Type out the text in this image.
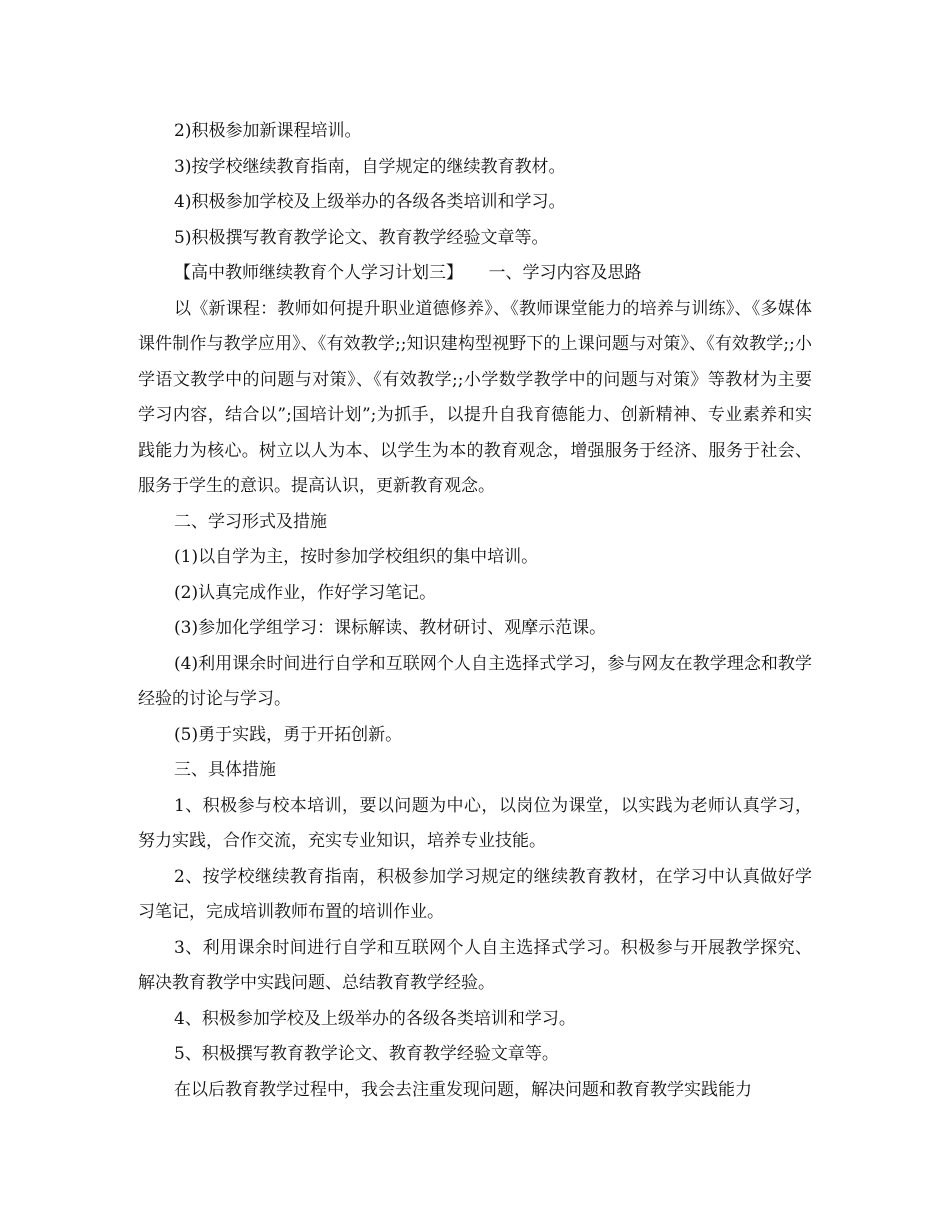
2)积极参加新课程培训。

3)按学校继续教育指南，自学规定的继续教育教材。

4)积极参加学校及上级举办的各级各类培训和学习。

5)积极撰写教育教学论文、教育教学经验文章等。

【高中教师继续教育个人学习计划三】　　一、学习内容及思路

以《新课程：教师如何提升职业道德修养》、《教师课堂能力的培养与训练》、《多媒体课件制作与教学应用》、《有效教学;;知识建构型视野下的上课问题与对策》、《有效教学;;小学语文教学中的问题与对策》、《有效教学;;小学数学教学中的问题与对策》等教材为主要学习内容，结合以”;国培计划”;为抓手，以提升自我育德能力、创新精神、专业素养和实践能力为核心。树立以人为本、以学生为本的教育观念，增强服务于经济、服务于社会、服务于学生的意识。提高认识，更新教育观念。

二、学习形式及措施

(1)以自学为主，按时参加学校组织的集中培训。

(2)认真完成作业，作好学习笔记。

(3)参加化学组学习：课标解读、教材研讨、观摩示范课。

(4)利用课余时间进行自学和互联网个人自主选择式学习，参与网友在教学理念和教学经验的讨论与学习。

(5)勇于实践，勇于开拓创新。

三、具体措施

1、积极参与校本培训，要以问题为中心，以岗位为课堂，以实践为老师认真学习，努力实践，合作交流，充实专业知识，培养专业技能。

2、按学校继续教育指南，积极参加学习规定的继续教育教材，在学习中认真做好学习笔记，完成培训教师布置的培训作业。

3、利用课余时间进行自学和互联网个人自主选择式学习。积极参与开展教学探究、解决教育教学中实践问题、总结教育教学经验。

4、积极参加学校及上级举办的各级各类培训和学习。

5、积极撰写教育教学论文、教育教学经验文章等。

在以后教育教学过程中，我会去注重发现问题，解决问题和教育教学实践能力
